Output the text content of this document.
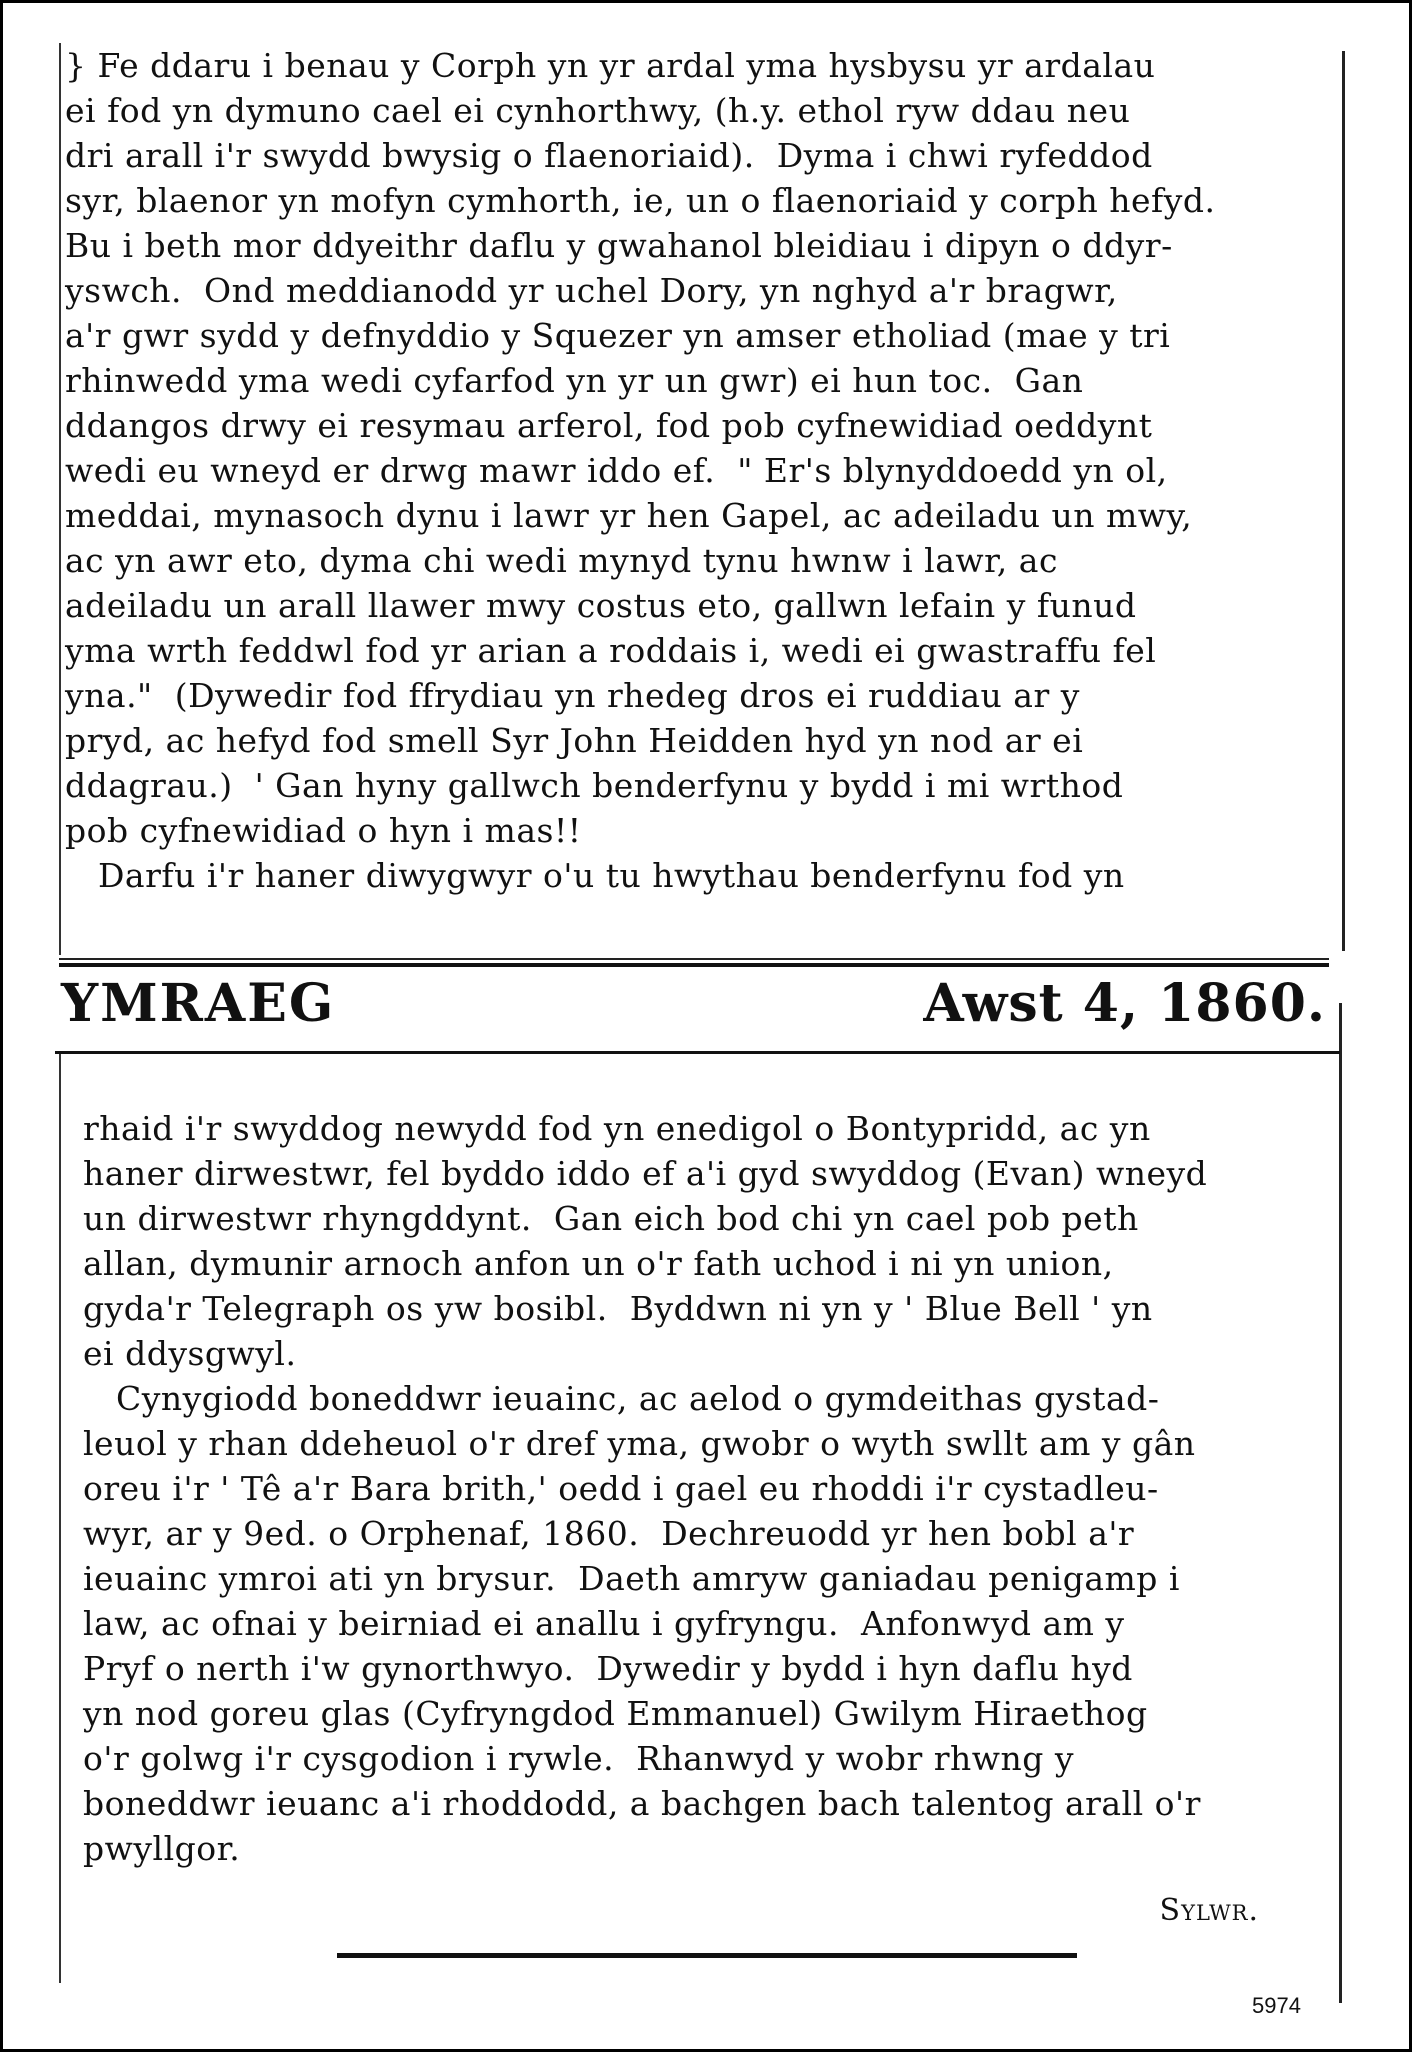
} Fe ddaru i benau y Corph yn yr ardal yma hysbysu yr ardalau
ei fod yn dymuno cael ei cynhorthwy, (h.y. ethol ryw ddau neu
dri arall i'r swydd bwysig o flaenoriaid).  Dyma i chwi ryfeddod
syr, blaenor yn mofyn cymhorth, ie, un o flaenoriaid y corph hefyd.
Bu i beth mor ddyeithr daflu y gwahanol bleidiau i dipyn o ddyr-
yswch.  Ond meddianodd yr uchel Dory, yn nghyd a'r bragwr,
a'r gwr sydd y defnyddio y Squezer yn amser etholiad (mae y tri
rhinwedd yma wedi cyfarfod yn yr un gwr) ei hun toc.  Gan
ddangos drwy ei resymau arferol, fod pob cyfnewidiad oeddynt
wedi eu wneyd er drwg mawr iddo ef.  " Er's blynyddoedd yn ol,
meddai, mynasoch dynu i lawr yr hen Gapel, ac adeiladu un mwy,
ac yn awr eto, dyma chi wedi mynyd tynu hwnw i lawr, ac
adeiladu un arall llawer mwy costus eto, gallwn lefain y funud
yma wrth feddwl fod yr arian a roddais i, wedi ei gwastraffu fel
yna."  (Dywedir fod ffrydiau yn rhedeg dros ei ruddiau ar y
pryd, ac hefyd fod smell Syr John Heidden hyd yn nod ar ei
ddagrau.)  ' Gan hyny gallwch benderfynu y bydd i mi wrthod
pob cyfnewidiad o hyn i mas!!
Darfu i'r haner diwygwyr o'u tu hwythau benderfynu fod yn
YMRAEG	Awst 4, 1860.
rhaid i'r swyddog newydd fod yn enedigol o Bontypridd, ac yn
haner dirwestwr, fel byddo iddo ef a'i gyd swyddog (Evan) wneyd
un dirwestwr rhyngddynt.  Gan eich bod chi yn cael pob peth
allan, dymunir arnoch anfon un o'r fath uchod i ni yn union,
gyda'r Telegraph os yw bosibl.  Byddwn ni yn y ' Blue Bell ' yn
ei ddysgwyl.
Cynygiodd boneddwr ieuainc, ac aelod o gymdeithas gystad-
leuol y rhan ddeheuol o'r dref yma, gwobr o wyth swllt am y gân
oreu i'r ' Tê a'r Bara brith,' oedd i gael eu rhoddi i'r cystadleu-
wyr, ar y 9ed. o Orphenaf, 1860.  Dechreuodd yr hen bobl a'r
ieuainc ymroi ati yn brysur.  Daeth amryw ganiadau penigamp i
law, ac ofnai y beirniad ei anallu i gyfryngu.  Anfonwyd am y
Pryf o nerth i'w gynorthwyo.  Dywedir y bydd i hyn daflu hyd
yn nod goreu glas (Cyfryngdod Emmanuel) Gwilym Hiraethog
o'r golwg i'r cysgodion i rywle.  Rhanwyd y wobr rhwng y
boneddwr ieuanc a'i rhoddodd, a bachgen bach talentog arall o'r
pwyllgor.
Sylwr.
5974
